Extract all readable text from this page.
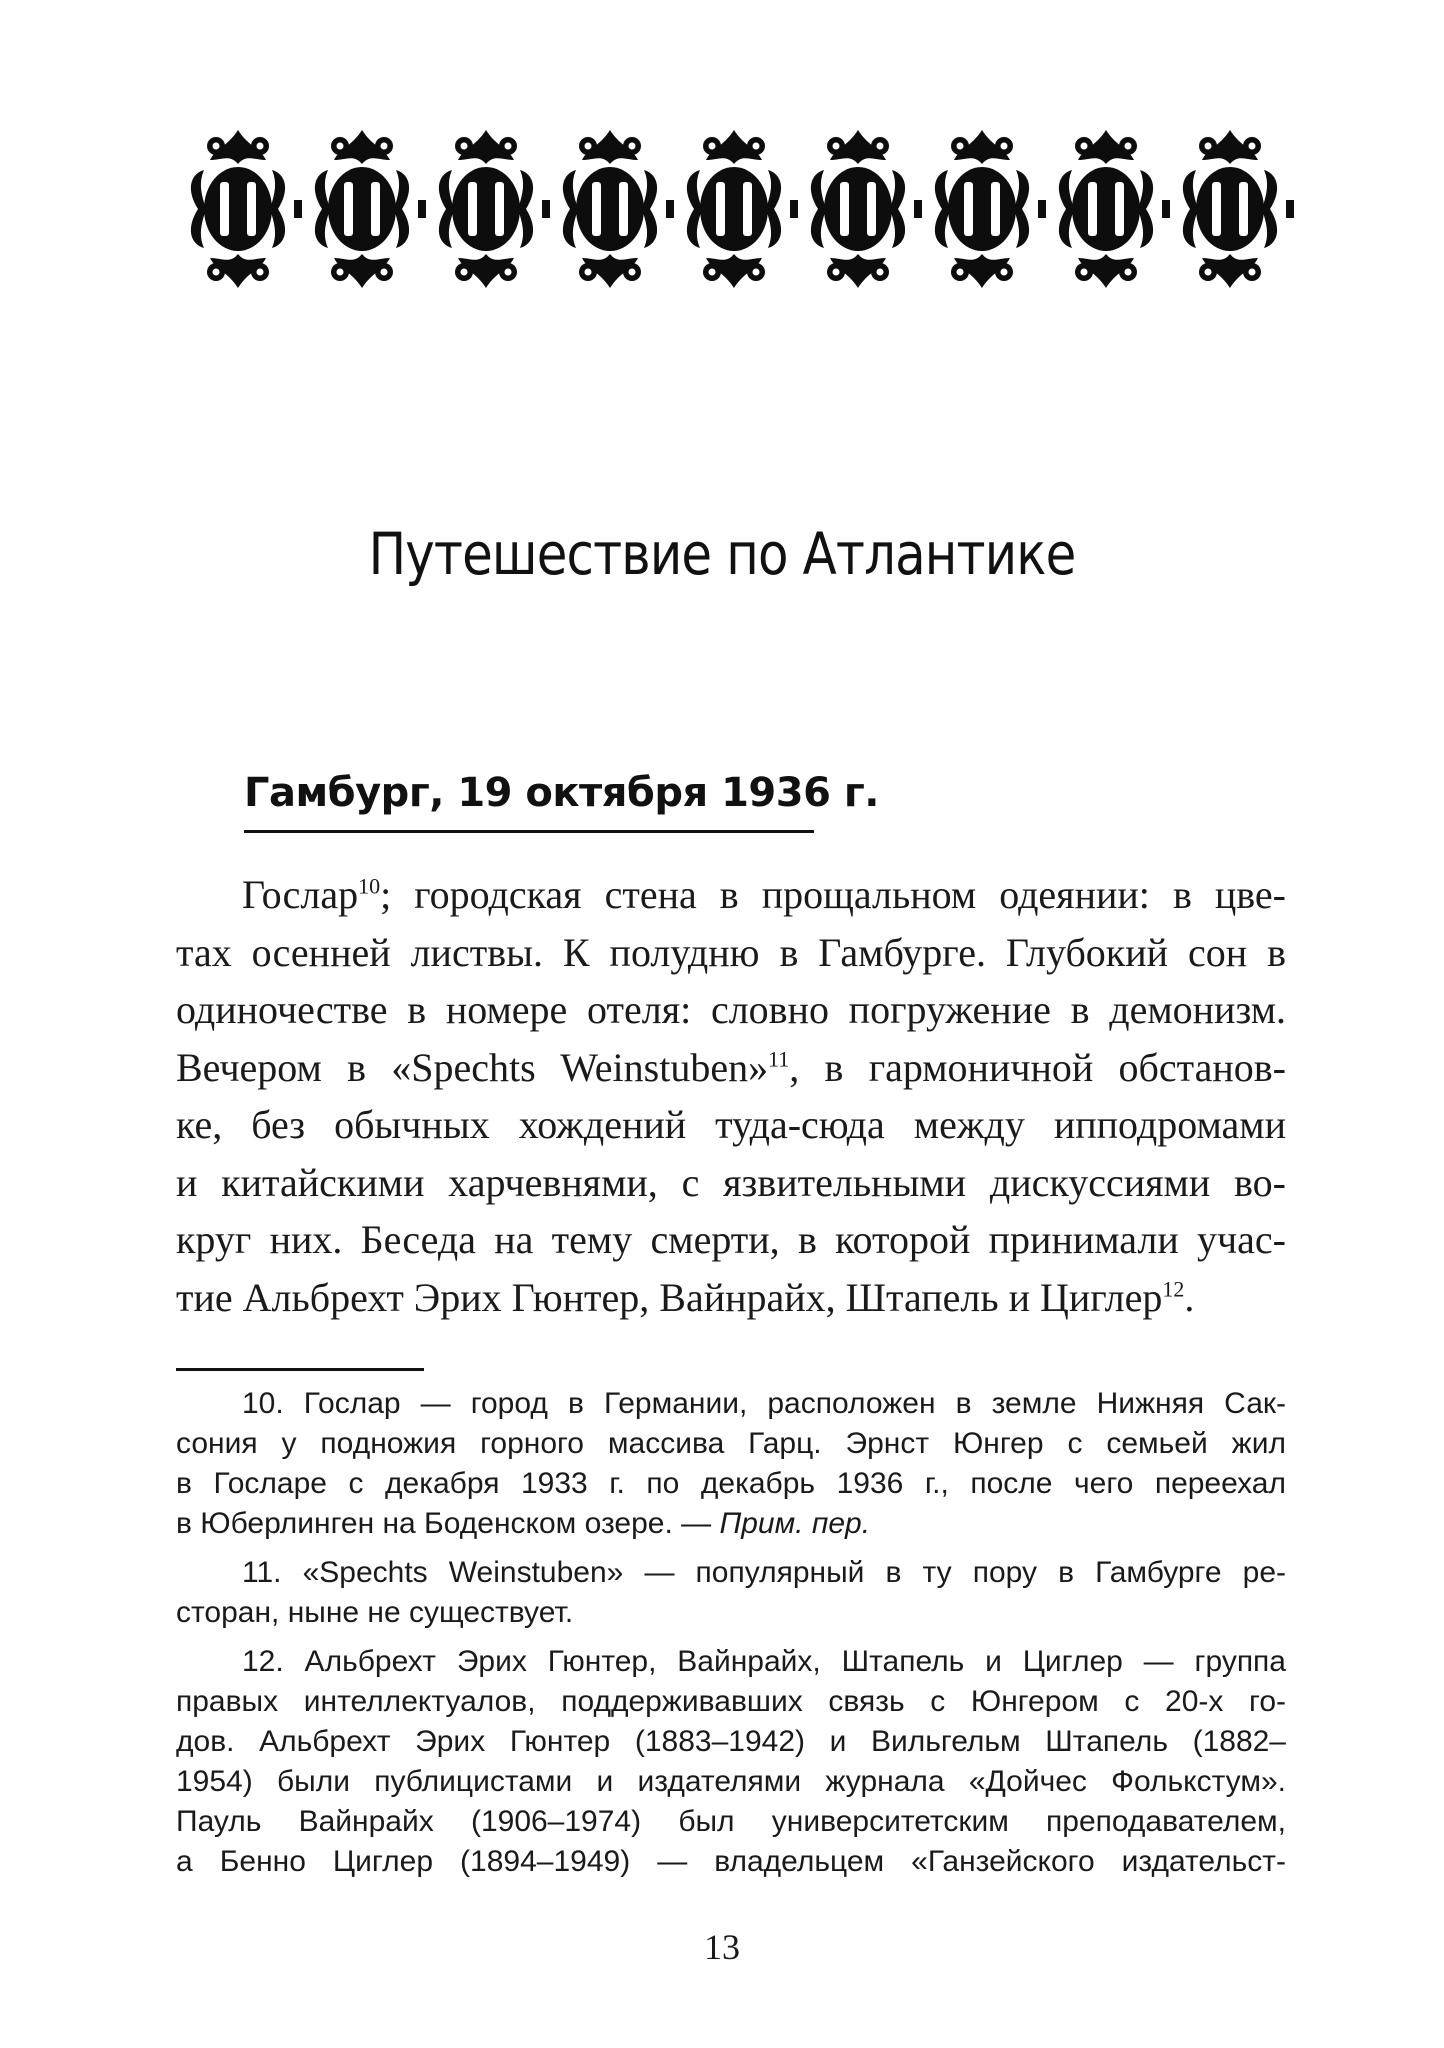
Путешествие по Атлантике
Гамбург, 19 октября 1936 г.
Гослар$^{10}$; городская стена в прощальном одеянии: в цве-
тах осенней листвы. К полудню в Гамбурге. Глубокий сон в
одиночестве в номере отеля: словно погружение в демонизм.
Вечером в «Spechts Weinstuben»$^{11}$, в гармоничной обстанов-
ке, без обычных хождений туда-сюда между ипподромами
и китайскими харчевнями, с язвительными дискуссиями во-
круг них. Беседа на тему смерти, в которой принимали учас-
тие Альбрехт Эрих Гюнтер, Вайнрайх, Штапель и Циглер$^{12}$.
10. Гослар — город в Германии, расположен в земле Нижняя Сак-
сония у подножия горного массива Гарц. Эрнст Юнгер с семьей жил
в Госларе с декабря 1933 г. по декабрь 1936 г., после чего переехал
в Юберлинген на Боденском озере. — Прим. пер.
11. «Spechts Weinstuben» — популярный в ту пору в Гамбурге ре-
сторан, ныне не существует.
12. Альбрехт Эрих Гюнтер, Вайнрайх, Штапель и Циглер — группа
правых интеллектуалов, поддерживавших связь с Юнгером с 20-х го-
дов. Альбрехт Эрих Гюнтер (1883–1942) и Вильгельм Штапель (1882–
1954) были публицистами и издателями журнала «Дойчес Фолькстум».
Пауль Вайнрайх (1906–1974) был университетским преподавателем,
а Бенно Циглер (1894–1949) — владельцем «Ганзейского издательст-
13
